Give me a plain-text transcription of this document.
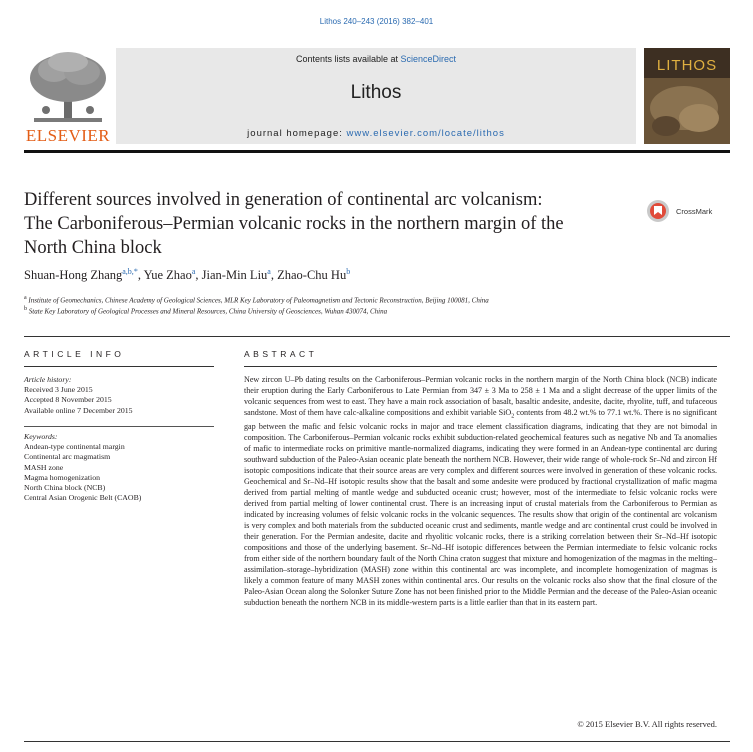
Lithos 240–243 (2016) 382–401
ELSEVIER
Contents lists available at ScienceDirect
Lithos
journal homepage: www.elsevier.com/locate/lithos
LITHOS
Different sources involved in generation of continental arc volcanism:
The Carboniferous–Permian volcanic rocks in the northern margin of the
North China block
CrossMark
Shuan-Hong Zhang$^{a,b,*}$, Yue Zhao$^a$, Jian-Min Liu$^a$, Zhao-Chu Hu$^b$
$^a$ Institute of Geomechanics, Chinese Academy of Geological Sciences, MLR Key Laboratory of Paleomagnetism and Tectonic Reconstruction, Beijing 100081, China
$^b$ State Key Laboratory of Geological Processes and Mineral Resources, China University of Geosciences, Wuhan 430074, China
ARTICLE INFO	ABSTRACT
Article history:
Received 3 June 2015
Accepted 8 November 2015
Available online 7 December 2015
Keywords:
Andean-type continental margin
Continental arc magmatism
MASH zone
Magma homogenization
North China block (NCB)
Central Asian Orogenic Belt (CAOB)

New zircon U–Pb dating results on the Carboniferous–Permian volcanic rocks in the northern margin of the North China block (NCB) indicate their eruption during the Early Carboniferous to Late Permian from 347 ± 3 Ma to 258 ± 1 Ma and a slight decrease of the upper limits of the volcanic sequences from west to east. They have a main rock association of basalt, basaltic andesite, andesite, dacite, rhyolite, tuff, and tufaceous sandstone. Most of them have calc-alkaline compositions and exhibit variable SiO$_2$ contents from 48.2 wt.% to 77.1 wt.%. There is no significant gap between the mafic and felsic volcanic rocks in major and trace element classification diagrams, indicating that they are not bimodal in composition. The Carboniferous–Permian volcanic rocks exhibit subduction-related geochemical features such as negative Nb and Ta anomalies of mafic to intermediate rocks on primitive mantle-normalized diagrams, indicating they were formed in an Andean-type continental arc during southward subduction of the Paleo-Asian oceanic plate beneath the northern NCB. However, their wide range of whole-rock Sr–Nd and zircon Hf isotopic compositions indicate that their source areas are very complex and different sources were involved in generation of these volcanic rocks. Geochemical and Sr–Nd–Hf isotopic results show that the basalt and some andesite were produced by fractional crystallization of mafic magma derived from partial melting of mantle wedge and subducted oceanic crust; however, most of the intermediate to felsic volcanic rocks were derived from partial melting of lower continental crust. There is an increasing input of crustal materials from the Carboniferous to Permian as indicated by increasing volumes of felsic volcanic rocks in the volcanic sequences. The results show that origin of the continental arc volcanism is very complex and both materials from the subducted oceanic crust and sediments, mantle wedge and arc continental crust could be involved in their generation. For the Permian andesite, dacite and rhyolitic volcanic rocks, there is a striking correlation between their Sr–Nd–Hf isotopic compositions and those of the underlying basement. Sr–Nd–Hf isotopic differences between the Permian intermediate to felsic volcanic rocks from either side of the northern boundary fault of the North China craton suggest that mixture and homogenization of the magmas in the melting–assimilation–storage–hybridization (MASH) zone within this continental arc was incomplete, and incomplete homogenization of magmas is likely a common feature of many MASH zones within continental arcs. Our results on the volcanic rocks also show that the final closure of the Paleo-Asian Ocean along the Solonker Suture Zone has not been finished prior to the Middle Permian and the decease of the Paleo-Asian oceanic subduction beneath the northern NCB in its middle-western parts is a little earlier than that in its eastern part.

© 2015 Elsevier B.V. All rights reserved.
